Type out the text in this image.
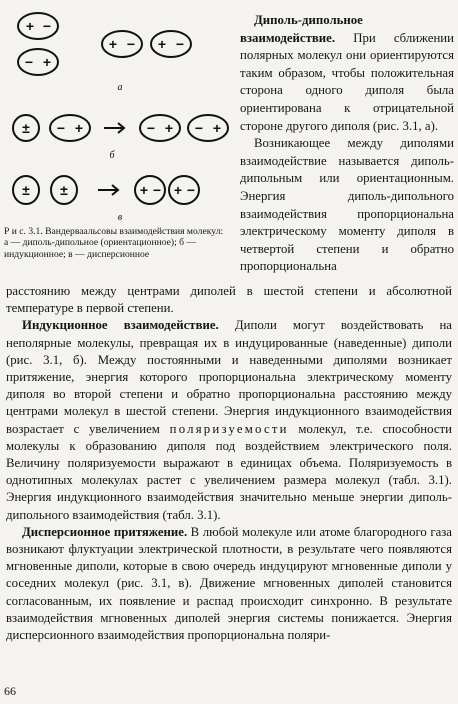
+ −
− +
+ − + −
± − +	− + − +
± ±	+ − + −
а
б
в
Р и с. 3.1. Вандерваальсовы взаимодействия молекул:
а — диполь-дипольное (ориентационное); б — индукционное; в — дисперсионное

Диполь-дипольное взаимодействие. При сближении полярных молекул они ориентируются таким образом, чтобы положительная сторона одного диполя была ориентирована к отрицательной стороне другого диполя (рис. 3.1, а).

Возникающее между диполями взаимодействие называется диполь-дипольным или ориентационным. Энергия диполь-дипольного взаимодействия пропорциональна электрическому моменту диполя в четвертой степени и обратно пропорциональна

расстоянию между центрами диполей в шестой степени и абсолютной температуре в первой степени.

Индукционное взаимодействие. Диполи могут воздействовать на неполярные молекулы, превращая их в индуцированные (наведенные) диполи (рис. 3.1, б). Между постоянными и наведенными диполями возникает притяжение, энергия которого пропорциональна электрическому моменту диполя во второй степени и обратно пропорциональна расстоянию между центрами молекул в шестой степени. Энергия индукционного взаимодействия возрастает с увеличением поляризуемости молекул, т.е. способности молекулы к образованию диполя под воздействием электрического поля. Величину поляризуемости выражают в единицах объема. Поляризуемость в однотипных молекулах растет с увеличением размера молекул (табл. 3.1). Энергия индукционного взаимодействия значительно меньше энергии диполь-дипольного взаимодействия (табл. 3.1).

Дисперсионное притяжение. В любой молекуле или атоме благородного газа возникают флуктуации электрической плотности, в результате чего появляются мгновенные диполи, которые в свою очередь индуцируют мгновенные диполи у соседних молекул (рис. 3.1, в). Движение мгновенных диполей становится согласованным, их появление и распад происходит синхронно. В результате взаимодействия мгновенных диполей энергия системы понижается. Энергия дисперсионного взаимодействия пропорциональна поляри-

66
